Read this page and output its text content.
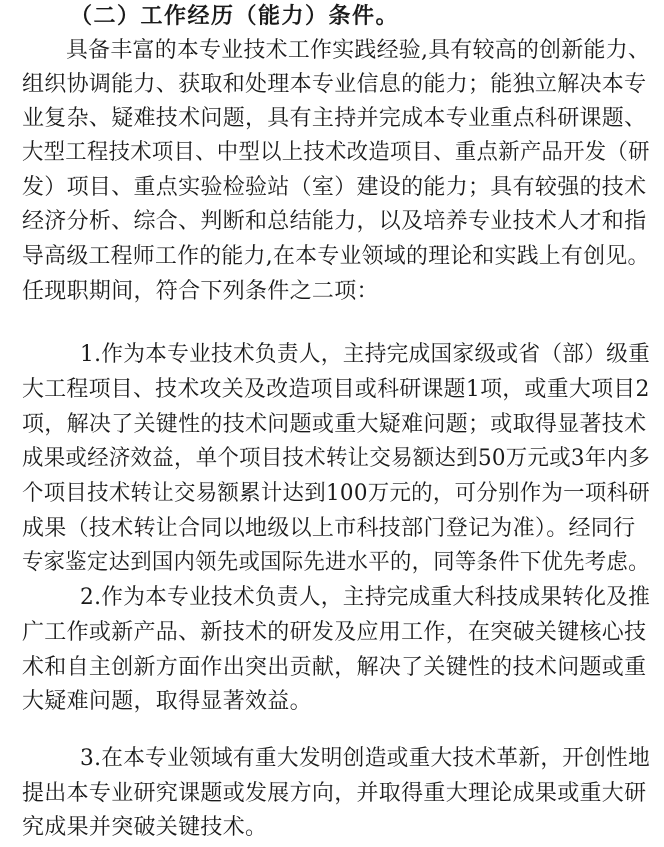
（二）工作经历（能力）条件。
具备丰富的本专业技术工作实践经验,具有较高的创新能力、
组织协调能力、获取和处理本专业信息的能力；能独立解决本专
业复杂、疑难技术问题，具有主持并完成本专业重点科研课题、
大型工程技术项目、中型以上技术改造项目、重点新产品开发（研
发）项目、重点实验检验站（室）建设的能力；具有较强的技术
经济分析、综合、判断和总结能力，以及培养专业技术人才和指
导高级工程师工作的能力,在本专业领域的理论和实践上有创见。
任现职期间，符合下列条件之二项：
1.作为本专业技术负责人，主持完成国家级或省（部）级重
大工程项目、技术攻关及改造项目或科研课题1项，或重大项目2
项，解决了关键性的技术问题或重大疑难问题；或取得显著技术
成果或经济效益，单个项目技术转让交易额达到50万元或3年内多
个项目技术转让交易额累计达到100万元的，可分别作为一项科研
成果（技术转让合同以地级以上市科技部门登记为准）。经同行
专家鉴定达到国内领先或国际先进水平的，同等条件下优先考虑。
2.作为本专业技术负责人，主持完成重大科技成果转化及推
广工作或新产品、新技术的研发及应用工作，在突破关键核心技
术和自主创新方面作出突出贡献，解决了关键性的技术问题或重
大疑难问题，取得显著效益。
3.在本专业领域有重大发明创造或重大技术革新，开创性地
提出本专业研究课题或发展方向，并取得重大理论成果或重大研
究成果并突破关键技术。
